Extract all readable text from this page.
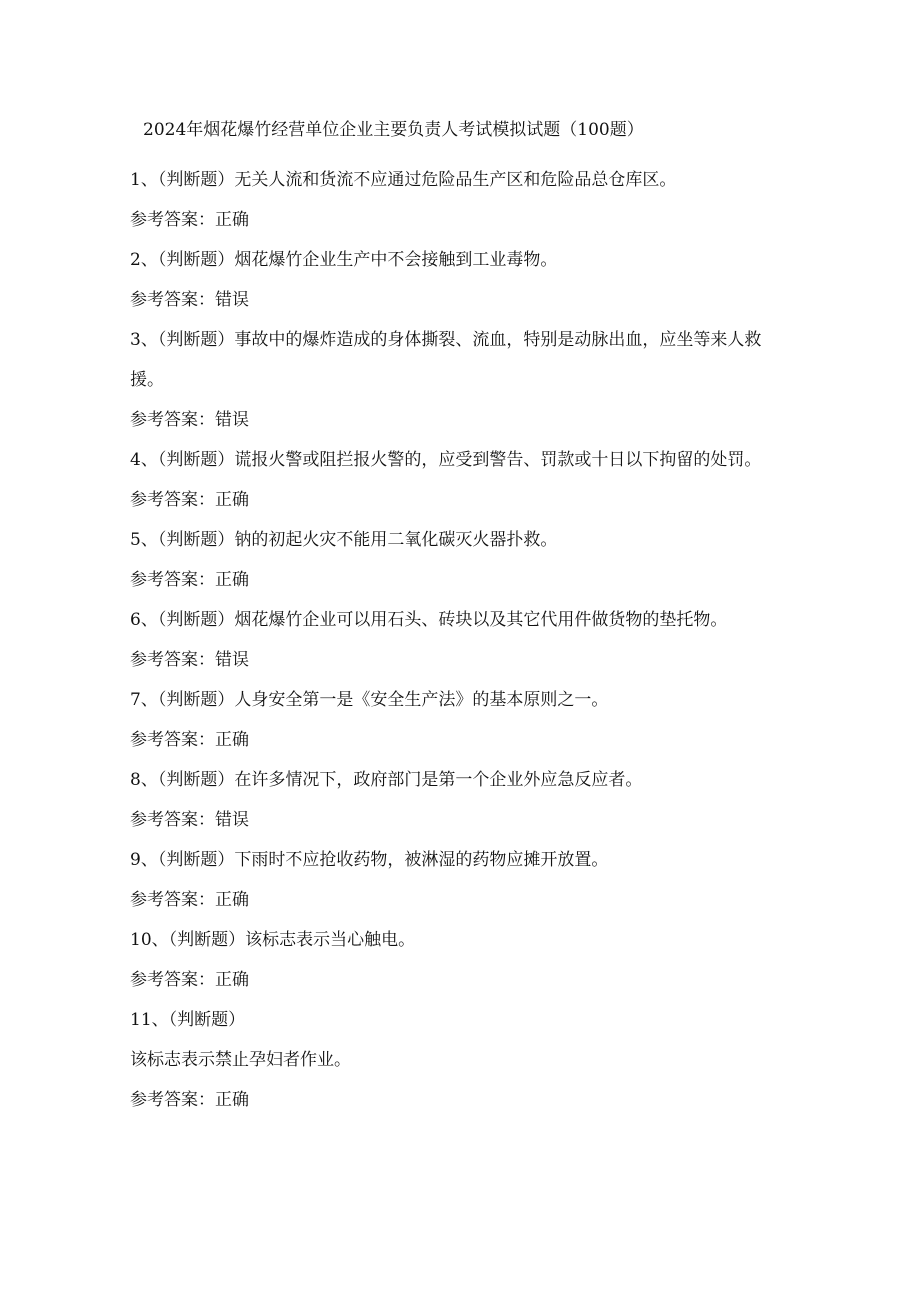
2024年烟花爆竹经营单位企业主要负责人考试模拟试题（100题）
1、（判断题）无关人流和货流不应通过危险品生产区和危险品总仓库区。
参考答案：正确
2、（判断题）烟花爆竹企业生产中不会接触到工业毒物。
参考答案：错误
3、（判断题）事故中的爆炸造成的身体撕裂、流血，特别是动脉出血，应坐等来人救援。
参考答案：错误
4、（判断题）谎报火警或阻拦报火警的，应受到警告、罚款或十日以下拘留的处罚。
参考答案：正确
5、（判断题）钠的初起火灾不能用二氧化碳灭火器扑救。
参考答案：正确
6、（判断题）烟花爆竹企业可以用石头、砖块以及其它代用件做货物的垫托物。
参考答案：错误
7、（判断题）人身安全第一是《安全生产法》的基本原则之一。
参考答案：正确
8、（判断题）在许多情况下，政府部门是第一个企业外应急反应者。
参考答案：错误
9、（判断题）下雨时不应抢收药物，被淋湿的药物应摊开放置。
参考答案：正确
10、（判断题）该标志表示当心触电。
参考答案：正确
11、（判断题）
该标志表示禁止孕妇者作业。
参考答案：正确
